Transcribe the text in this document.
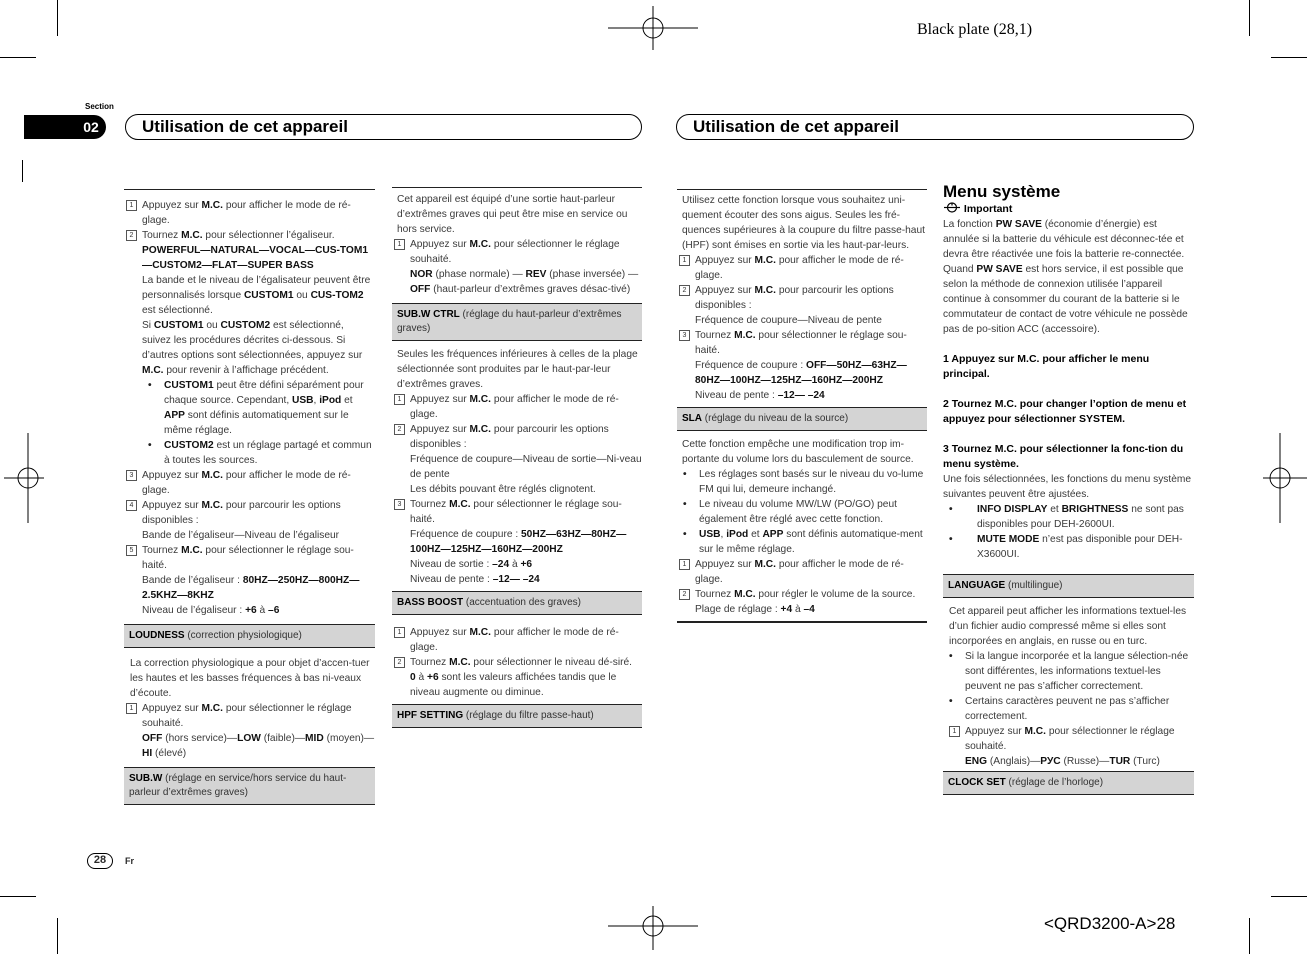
Black plate (28,1)
Section
02	Utilisation de cet appareil	Utilisation de cet appareil
1 Appuyez sur M.C. pour afficher le mode de ré-glage.
2 Tournez M.C. pour sélectionner l’égaliseur.
POWERFUL—NATURAL—VOCAL—CUS-TOM1—CUSTOM2—FLAT—SUPER BASS
La bande et le niveau de l’égalisateur peuvent être personnalisés lorsque CUSTOM1 ou CUS-TOM2 est sélectionné.
Si CUSTOM1 ou CUSTOM2 est sélectionné, suivez les procédures décrites ci-dessous. Si d’autres options sont sélectionnées, appuyez sur M.C. pour revenir à l’affichage précédent.
• CUSTOM1 peut être défini séparément pour chaque source. Cependant, USB, iPod et APP sont définis automatiquement sur le même réglage.
• CUSTOM2 est un réglage partagé et commun à toutes les sources.
3 Appuyez sur M.C. pour afficher le mode de ré-glage.
4 Appuyez sur M.C. pour parcourir les options disponibles :
Bande de l’égaliseur—Niveau de l’égaliseur
5 Tournez M.C. pour sélectionner le réglage sou-haité.
Bande de l’égaliseur : 80HZ—250HZ—800HZ—2.5KHZ—8KHZ
Niveau de l’égaliseur : +6 à –6
LOUDNESS (correction physiologique)
La correction physiologique a pour objet d’accen-tuer les hautes et les basses fréquences à bas ni-veaux d’écoute.
1 Appuyez sur M.C. pour sélectionner le réglage souhaité.
OFF (hors service)—LOW (faible)—MID (moyen)—HI (élevé)
SUB.W (réglage en service/hors service du haut-parleur d’extrêmes graves)
Cet appareil est équipé d’une sortie haut-parleur d’extrêmes graves qui peut être mise en service ou hors service.
1 Appuyez sur M.C. pour sélectionner le réglage souhaité.
NOR (phase normale) — REV (phase inversée) — OFF (haut-parleur d’extrêmes graves désac-tivé)
SUB.W CTRL (réglage du haut-parleur d’extrêmes graves)
Seules les fréquences inférieures à celles de la plage sélectionnée sont produites par le haut-par-leur d’extrêmes graves.
1 Appuyez sur M.C. pour afficher le mode de ré-glage.
2 Appuyez sur M.C. pour parcourir les options disponibles :
Fréquence de coupure—Niveau de sortie—Ni-veau de pente
Les débits pouvant être réglés clignotent.
3 Tournez M.C. pour sélectionner le réglage sou-haité.
Fréquence de coupure : 50HZ—63HZ—80HZ—100HZ—125HZ—160HZ—200HZ
Niveau de sortie : –24 à +6
Niveau de pente : –12— –24
BASS BOOST (accentuation des graves)
1 Appuyez sur M.C. pour afficher le mode de ré-glage.
2 Tournez M.C. pour sélectionner le niveau dé-siré.
0 à +6 sont les valeurs affichées tandis que le niveau augmente ou diminue.
HPF SETTING (réglage du filtre passe-haut)
Utilisez cette fonction lorsque vous souhaitez uni-quement écouter des sons aigus. Seules les fré-quences supérieures à la coupure du filtre passe-haut (HPF) sont émises en sortie via les haut-par-leurs.
1 Appuyez sur M.C. pour afficher le mode de ré-glage.
2 Appuyez sur M.C. pour parcourir les options disponibles :
Fréquence de coupure—Niveau de pente
3 Tournez M.C. pour sélectionner le réglage sou-haité.
Fréquence de coupure : OFF—50HZ—63HZ—80HZ—100HZ—125HZ—160HZ—200HZ
Niveau de pente : –12— –24
SLA (réglage du niveau de la source)
Cette fonction empêche une modification trop im-portante du volume lors du basculement de source.
• Les réglages sont basés sur le niveau du vo-lume FM qui lui, demeure inchangé.
• Le niveau du volume MW/LW (PO/GO) peut également être réglé avec cette fonction.
• USB, iPod et APP sont définis automatique-ment sur le même réglage.
1 Appuyez sur M.C. pour afficher le mode de ré-glage.
2 Tournez M.C. pour régler le volume de la source.
Plage de réglage : +4 à –4
Menu système
Important
La fonction PW SAVE (économie d’énergie) est annulée si la batterie du véhicule est déconnec-tée et devra être réactivée une fois la batterie re-connectée. Quand PW SAVE est hors service, il est possible que selon la méthode de connexion utilisée l’appareil continue à consommer du courant de la batterie si le commutateur de contact de votre véhicule ne possède pas de po-sition ACC (accessoire).
1 Appuyez sur M.C. pour afficher le menu principal.
2 Tournez M.C. pour changer l’option de menu et appuyez pour sélectionner SYSTEM.
3 Tournez M.C. pour sélectionner la fonc-tion du menu système.
Une fois sélectionnées, les fonctions du menu système suivantes peuvent être ajustées.
• INFO DISPLAY et BRIGHTNESS ne sont pas disponibles pour DEH-2600UI.
• MUTE MODE n’est pas disponible pour DEH-X3600UI.
LANGUAGE (multilingue)
Cet appareil peut afficher les informations textuel-les d’un fichier audio compressé même si elles sont incorporées en anglais, en russe ou en turc.
• Si la langue incorporée et la langue sélection-née sont différentes, les informations textuel-les peuvent ne pas s’afficher correctement.
• Certains caractères peuvent ne pas s’afficher correctement.
1 Appuyez sur M.C. pour sélectionner le réglage souhaité.
ENG (Anglais)—РУС (Russe)—TUR (Turc)
CLOCK SET (réglage de l’horloge)
28	Fr
<QRD3200-A>28
